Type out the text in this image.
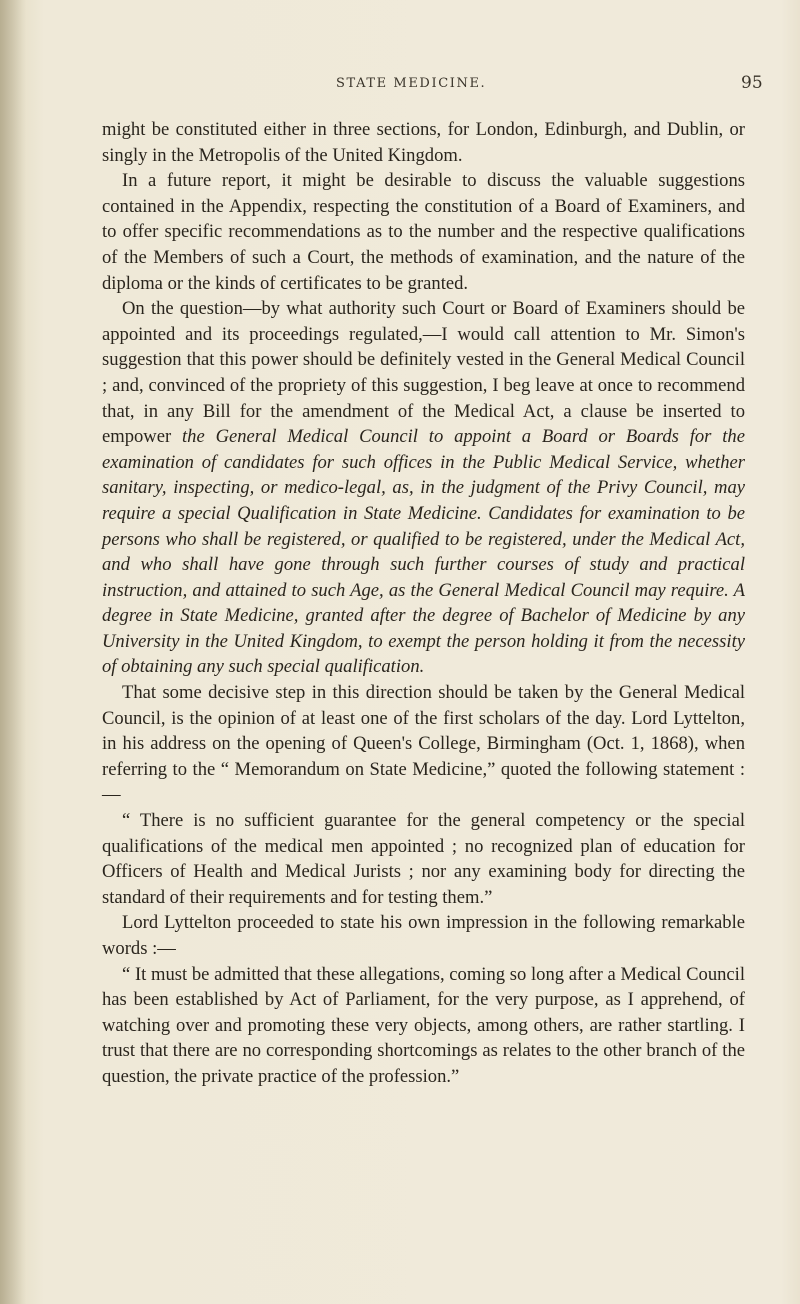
STATE MEDICINE.	95

might be constituted either in three sections, for London, Edinburgh, and Dublin, or singly in the Metropolis of the United Kingdom.

In a future report, it might be desirable to discuss the valuable suggestions contained in the Appendix, respecting the constitution of a Board of Examiners, and to offer specific recommendations as to the number and the respective qualifications of the Members of such a Court, the methods of examination, and the nature of the diploma or the kinds of certificates to be granted.

On the question—by what authority such Court or Board of Examiners should be appointed and its proceedings regulated,—I would call attention to Mr. Simon's suggestion that this power should be definitely vested in the General Medical Council ; and, convinced of the propriety of this suggestion, I beg leave at once to recommend that, in any Bill for the amendment of the Medical Act, a clause be inserted to empower the General Medical Council to appoint a Board or Boards for the examination of candidates for such offices in the Public Medical Service, whether sanitary, inspecting, or medico-legal, as, in the judgment of the Privy Council, may require a special Qualification in State Medicine. Candidates for examination to be persons who shall be registered, or qualified to be registered, under the Medical Act, and who shall have gone through such further courses of study and practical instruction, and attained to such Age, as the General Medical Council may require. A degree in State Medicine, granted after the degree of Bachelor of Medicine by any University in the United Kingdom, to exempt the person holding it from the necessity of obtaining any such special qualification.

That some decisive step in this direction should be taken by the General Medical Council, is the opinion of at least one of the first scholars of the day. Lord Lyttelton, in his address on the opening of Queen's College, Birmingham (Oct. 1, 1868), when referring to the “ Memorandum on State Medicine,” quoted the following statement :—

“ There is no sufficient guarantee for the general competency or the special qualifications of the medical men appointed ; no recognized plan of education for Officers of Health and Medical Jurists ; nor any examining body for directing the standard of their requirements and for testing them.”

Lord Lyttelton proceeded to state his own impression in the following remarkable words :—

“ It must be admitted that these allegations, coming so long after a Medical Council has been established by Act of Parliament, for the very purpose, as I apprehend, of watching over and promoting these very objects, among others, are rather startling. I trust that there are no corresponding shortcomings as relates to the other branch of the question, the private practice of the profession.”
